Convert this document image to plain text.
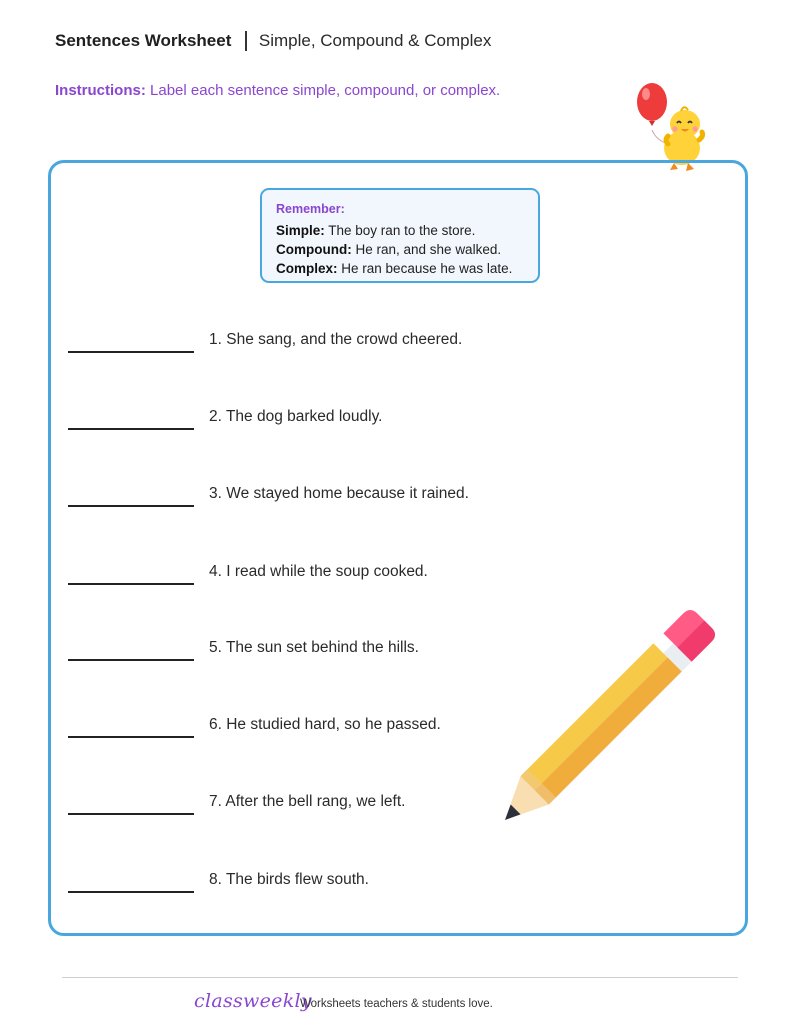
Sentences Worksheet Simple, Compound & Complex
Instructions: Label each sentence simple, compound, or complex.
Remember:
Simple: The boy ran to the store.
Compound: He ran, and she walked.
Complex: He ran because he was late.
1. She sang, and the crowd cheered.
2. The dog barked loudly.
3. We stayed home because it rained.
4. I read while the soup cooked.
5. The sun set behind the hills.
6. He studied hard, so he passed.
7. After the bell rang, we left.
8. The birds flew south.
classweekly
Worksheets teachers & students love.
